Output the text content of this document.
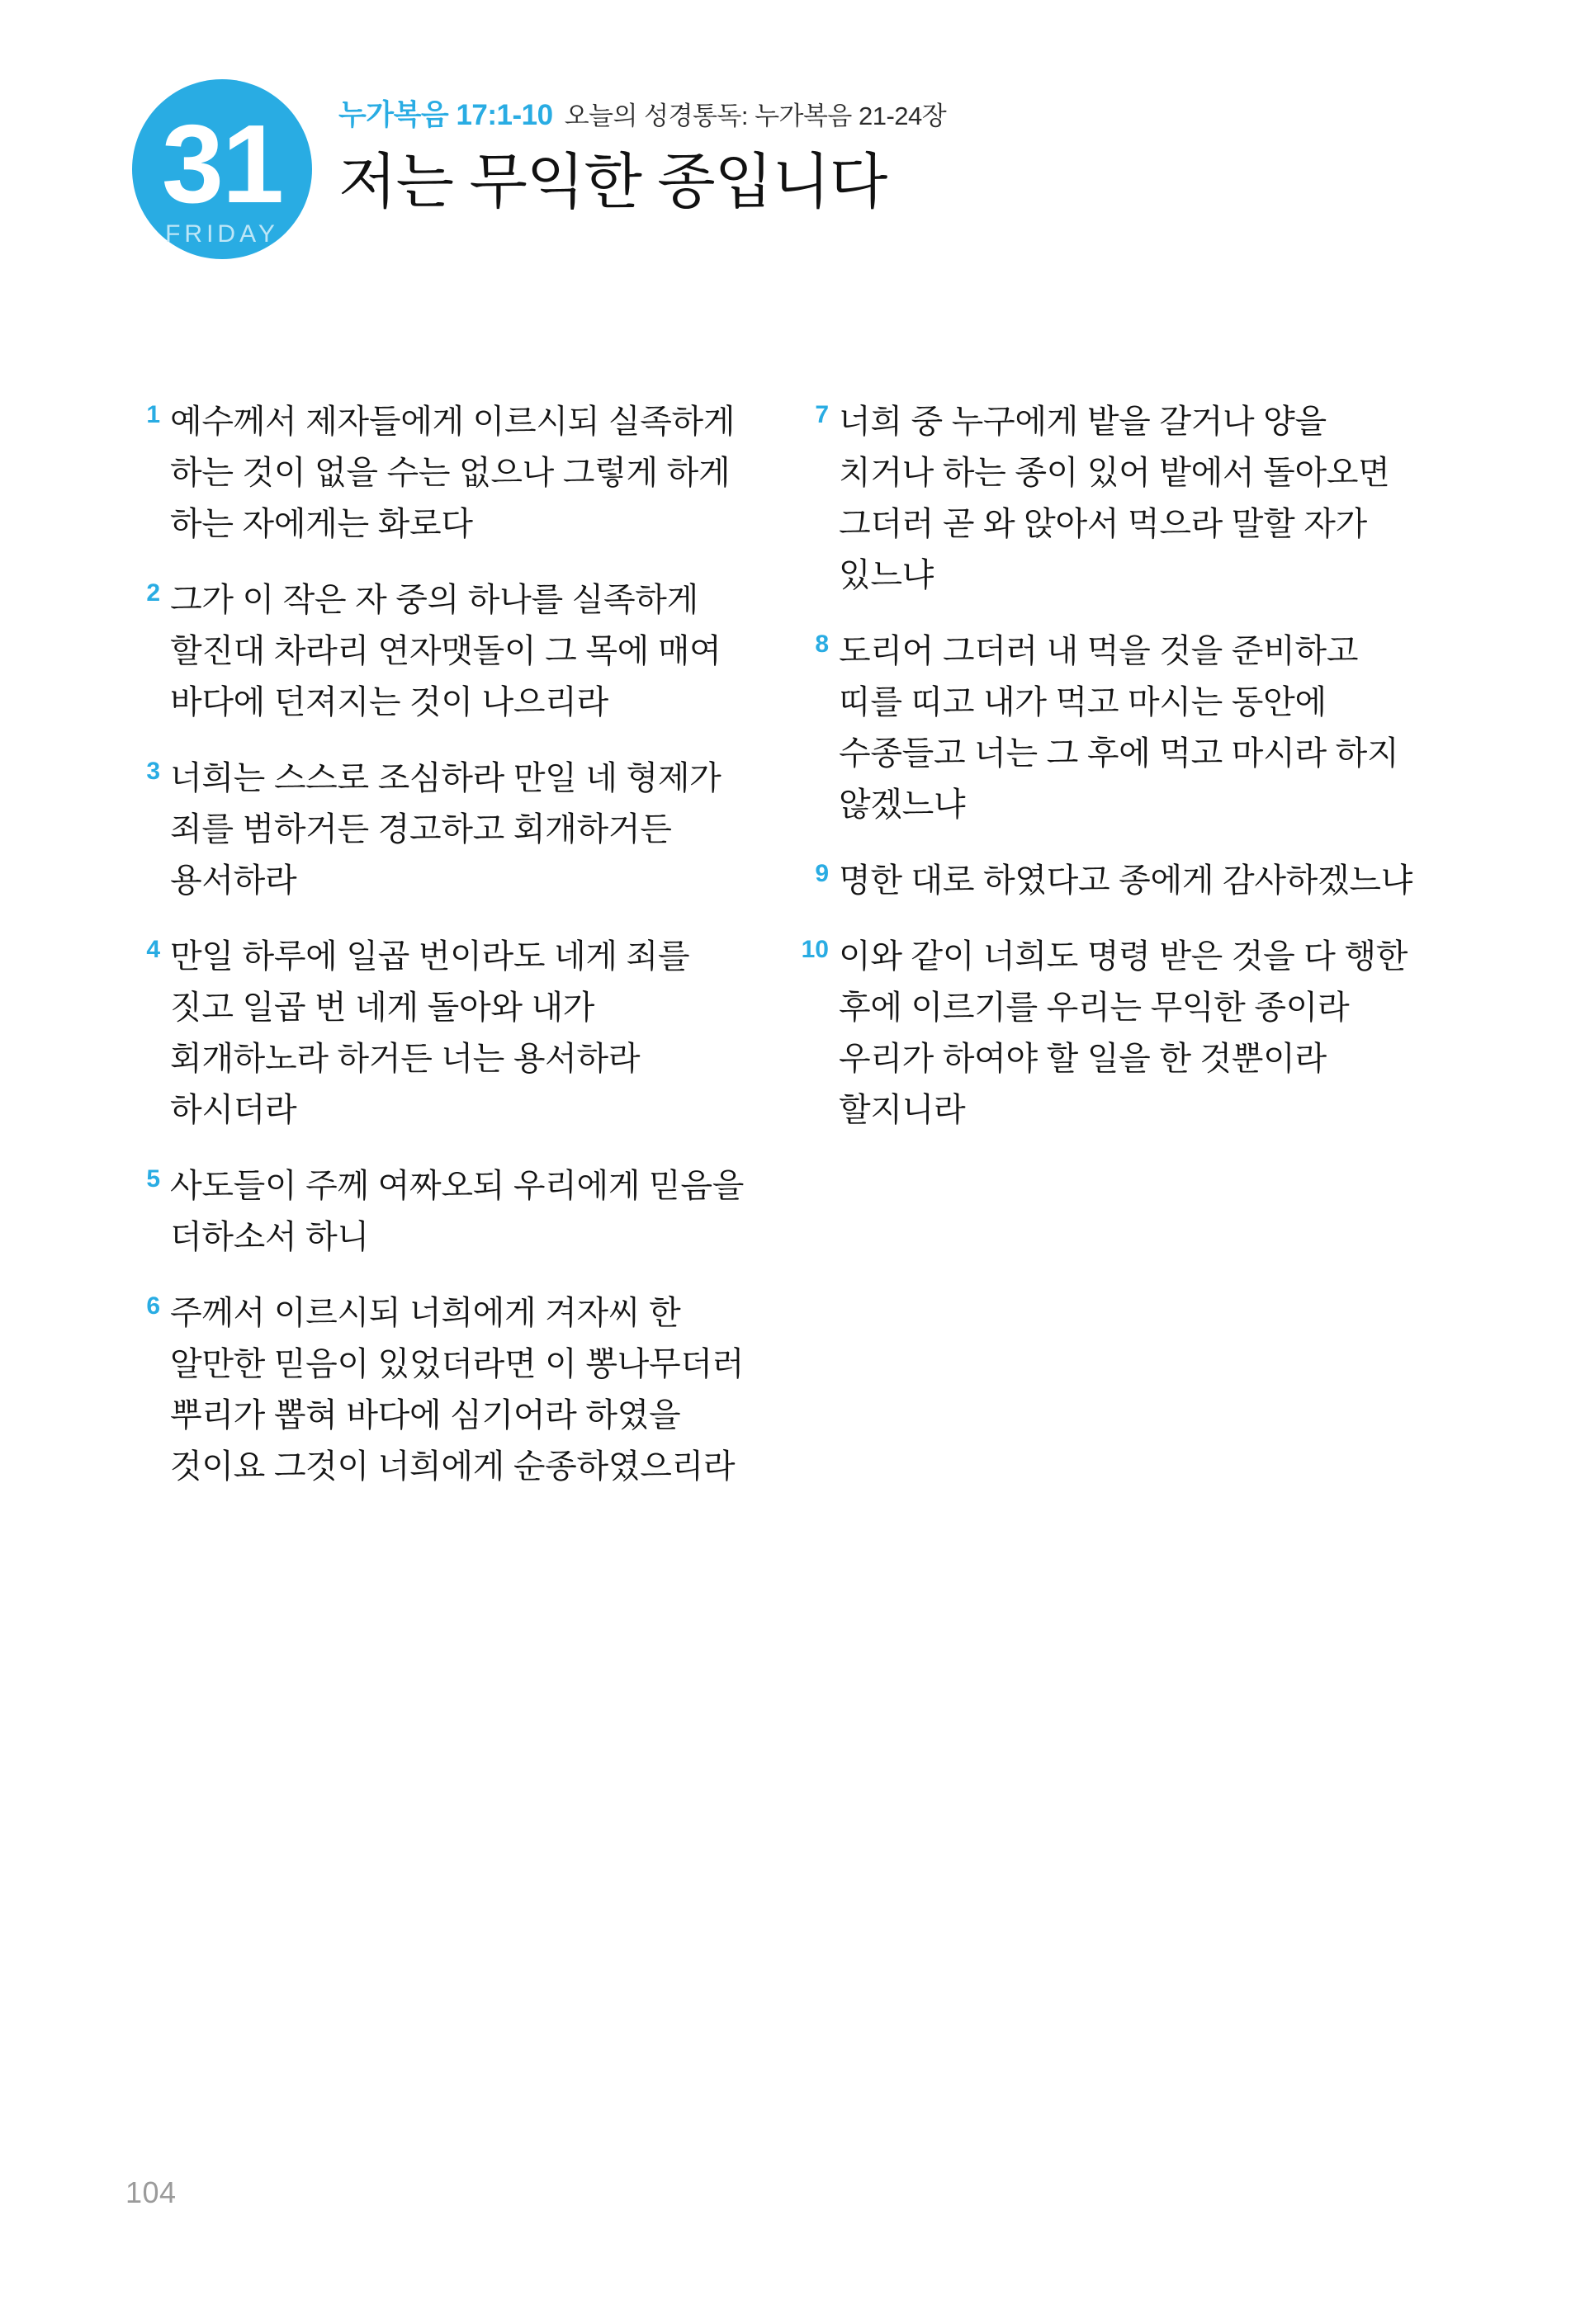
31
FRIDAY
누가복음 17:1-10 오늘의 성경통독: 누가복음 21-24장
저는 무익한 종입니다
1 예수께서 제자들에게 이르시되 실족하게 하는 것이 없을 수는 없으나 그렇게 하게 하는 자에게는 화로다
2 그가 이 작은 자 중의 하나를 실족하게 할진대 차라리 연자맷돌이 그 목에 매여 바다에 던져지는 것이 나으리라
3 너희는 스스로 조심하라 만일 네 형제가 죄를 범하거든 경고하고 회개하거든 용서하라
4 만일 하루에 일곱 번이라도 네게 죄를 짓고 일곱 번 네게 돌아와 내가 회개하노라 하거든 너는 용서하라 하시더라
5 사도들이 주께 여짜오되 우리에게 믿음을 더하소서 하니
6 주께서 이르시되 너희에게 겨자씨 한 알만한 믿음이 있었더라면 이 뽕나무더러 뿌리가 뽑혀 바다에 심기어라 하였을 것이요 그것이 너희에게 순종하였으리라
7 너희 중 누구에게 밭을 갈거나 양을 치거나 하는 종이 있어 밭에서 돌아오면 그더러 곧 와 앉아서 먹으라 말할 자가 있느냐
8 도리어 그더러 내 먹을 것을 준비하고 띠를 띠고 내가 먹고 마시는 동안에 수종들고 너는 그 후에 먹고 마시라 하지 않겠느냐
9 명한 대로 하였다고 종에게 감사하겠느냐
10 이와 같이 너희도 명령 받은 것을 다 행한 후에 이르기를 우리는 무익한 종이라 우리가 하여야 할 일을 한 것뿐이라 할지니라
104
